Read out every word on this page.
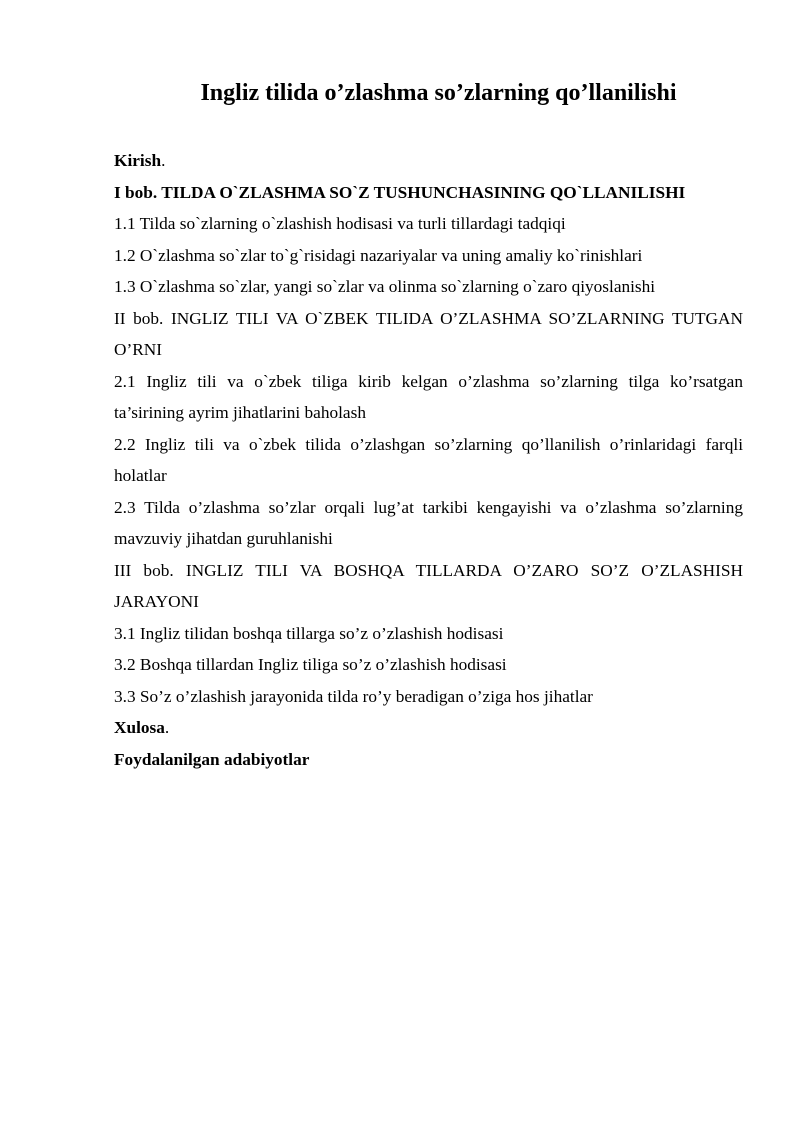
Ingliz tilida o’zlashma so’zlarning qo’llanilishi
Kirish.
I bob. TILDA O`ZLASHMA SO`Z TUSHUNCHASINING QO`LLANILISHI
1.1 Tilda so`zlarning o`zlashish hodisasi va turli tillardagi tadqiqi
1.2 O`zlashma so`zlar to`g`risidagi nazariyalar va uning amaliy ko`rinishlari
1.3 O`zlashma so`zlar, yangi so`zlar va olinma so`zlarning o`zaro qiyoslanishi
II bob. INGLIZ TILI VA O`ZBEK TILIDA O’ZLASHMA SO’ZLARNING TUTGAN O’RNI
2.1 Ingliz tili va o`zbek tiliga kirib kelgan o’zlashma so’zlarning tilga ko’rsatgan ta’sirining ayrim jihatlarini baholash
2.2 Ingliz tili va o`zbek tilida o’zlashgan so’zlarning qo’llanilish o’rinlaridagi farqli holatlar
2.3 Tilda o’zlashma so’zlar orqali lug’at tarkibi kengayishi va o’zlashma so’zlarning mavzuviy jihatdan guruhlanishi
III bob. INGLIZ TILI VA BOSHQA TILLARDA O’ZARO SO’Z O’ZLASHISH JARAYONI
3.1 Ingliz tilidan boshqa tillarga so’z o’zlashish hodisasi
3.2 Boshqa tillardan Ingliz tiliga so’z o’zlashish hodisasi
3.3 So’z o’zlashish jarayonida tilda ro’y beradigan o’ziga hos jihatlar
Xulosa.
Foydalanilgan adabiyotlar
